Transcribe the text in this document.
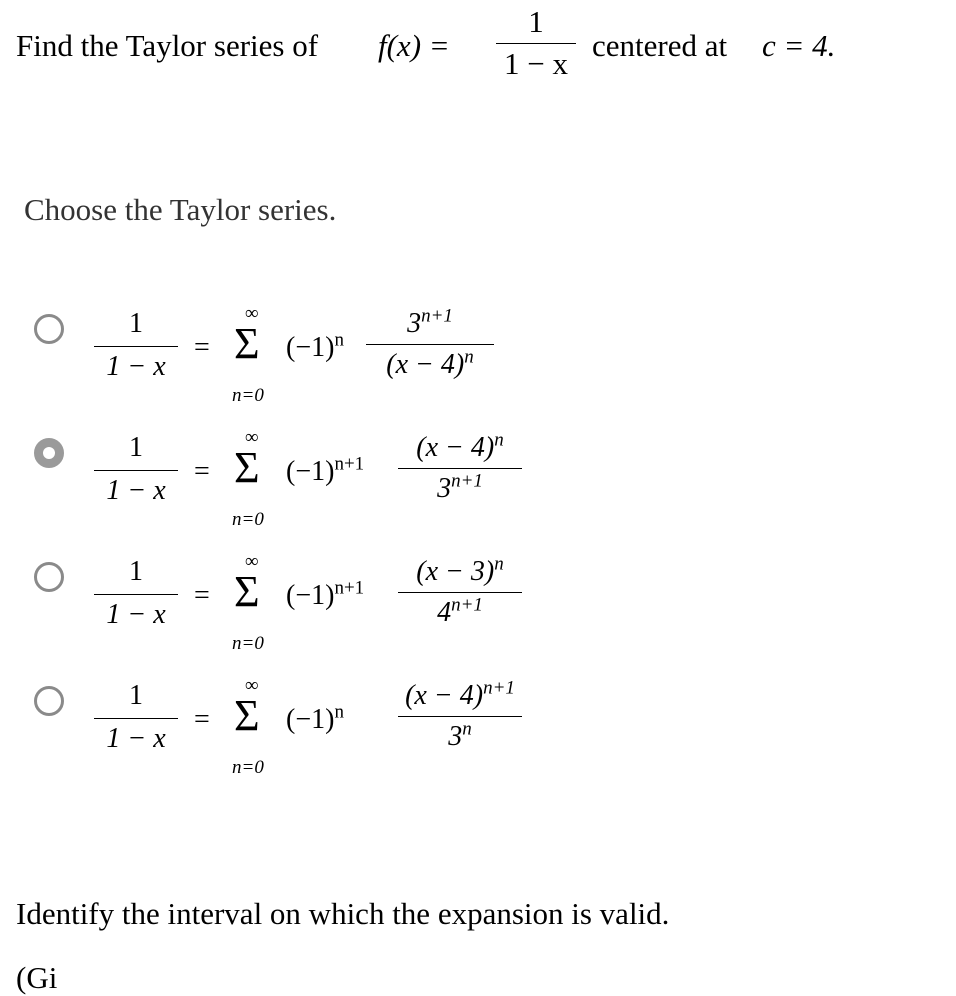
Find the Taylor series of f(x) =
1
1 − x
centered at c = 4.
Choose the Taylor series.
1
1 − x
=
∞
Σ
n=0
$(-1)^n$
$3^{n+1}$
$(x - 4)^n$
1
1 − x
=
∞
Σ
n=0
$(-1)^{n+1}$
$(x - 4)^n$
$3^{n+1}$
1
1 − x
=
∞
Σ
n=0
$(-1)^{n+1}$
$(x - 3)^n$
$4^{n+1}$
1
1 − x
=
∞
Σ
n=0
$(-1)^n$
$(x - 4)^{n+1}$
3$^n$
Identify the interval on which the expansion is valid.
(Gi
